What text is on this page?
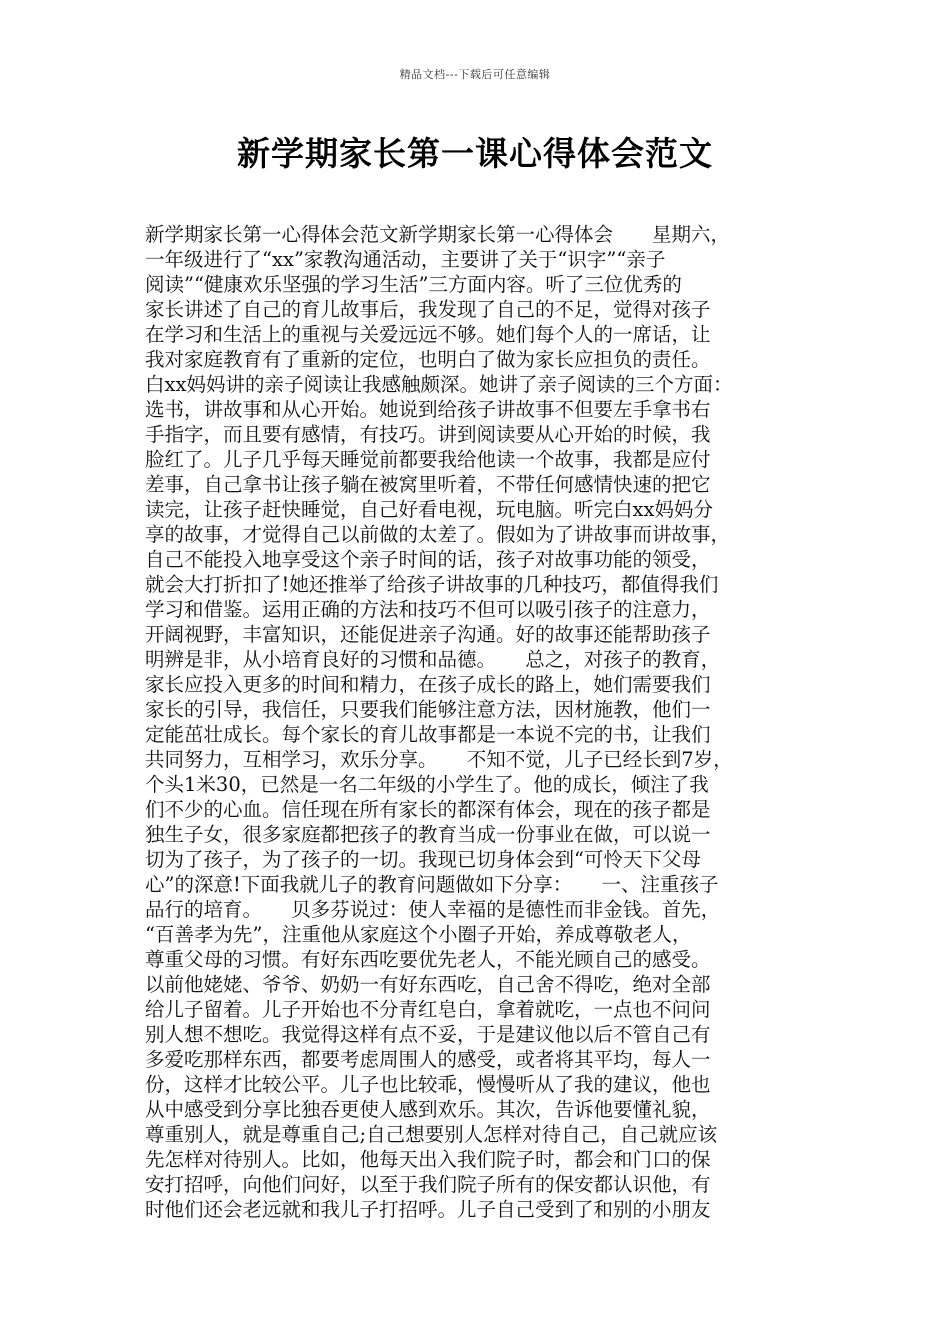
精品文档---下载后可任意编辑
新学期家长第一课心得体会范文
新学期家长第一心得体会范文新学期家长第一心得体会　　星期六，
一年级进行了“xx”家教沟通活动，主要讲了关于“识字”“亲子
阅读”“健康欢乐坚强的学习生活”三方面内容。听了三位优秀的
家长讲述了自己的育儿故事后，我发现了自己的不足，觉得对孩子
在学习和生活上的重视与关爱远远不够。她们每个人的一席话，让
我对家庭教育有了重新的定位，也明白了做为家长应担负的责任。
白xx妈妈讲的亲子阅读让我感触颇深。她讲了亲子阅读的三个方面：
选书，讲故事和从心开始。她说到给孩子讲故事不但要左手拿书右
手指字，而且要有感情，有技巧。讲到阅读要从心开始的时候，我
脸红了。儿子几乎每天睡觉前都要我给他读一个故事，我都是应付
差事，自己拿书让孩子躺在被窝里听着，不带任何感情快速的把它
读完，让孩子赶快睡觉，自己好看电视，玩电脑。听完白xx妈妈分
享的故事，才觉得自己以前做的太差了。假如为了讲故事而讲故事，
自己不能投入地享受这个亲子时间的话，孩子对故事功能的领受，
就会大打折扣了!她还推举了给孩子讲故事的几种技巧，都值得我们
学习和借鉴。运用正确的方法和技巧不但可以吸引孩子的注意力，
开阔视野，丰富知识，还能促进亲子沟通。好的故事还能帮助孩子
明辨是非，从小培育良好的习惯和品德。　　总之，对孩子的教育，
家长应投入更多的时间和精力，在孩子成长的路上，她们需要我们
家长的引导，我信任，只要我们能够注意方法，因材施教，他们一
定能茁壮成长。每个家长的育儿故事都是一本说不完的书，让我们
共同努力，互相学习，欢乐分享。　　不知不觉，儿子已经长到7岁，
个头1米30，已然是一名二年级的小学生了。他的成长，倾注了我
们不少的心血。信任现在所有家长的都深有体会，现在的孩子都是
独生子女，很多家庭都把孩子的教育当成一份事业在做，可以说一
切为了孩子，为了孩子的一切。我现已切身体会到“可怜天下父母
心”的深意!下面我就儿子的教育问题做如下分享：　　一、注重孩子
品行的培育。　　贝多芬说过：使人幸福的是德性而非金钱。首先，
“百善孝为先”，注重他从家庭这个小圈子开始，养成尊敬老人，
尊重父母的习惯。有好东西吃要优先老人，不能光顾自己的感受。
以前他姥姥、爷爷、奶奶一有好东西吃，自己舍不得吃，绝对全部
给儿子留着。儿子开始也不分青红皂白，拿着就吃，一点也不问问
别人想不想吃。我觉得这样有点不妥，于是建议他以后不管自己有
多爱吃那样东西，都要考虑周围人的感受，或者将其平均，每人一
份，这样才比较公平。儿子也比较乖，慢慢听从了我的建议，他也
从中感受到分享比独吞更使人感到欢乐。其次，告诉他要懂礼貌，
尊重别人，就是尊重自己;自己想要别人怎样对待自己，自己就应该
先怎样对待别人。比如，他每天出入我们院子时，都会和门口的保
安打招呼，向他们问好，以至于我们院子所有的保安都认识他，有
时他们还会老远就和我儿子打招呼。儿子自己受到了和别的小朋友
